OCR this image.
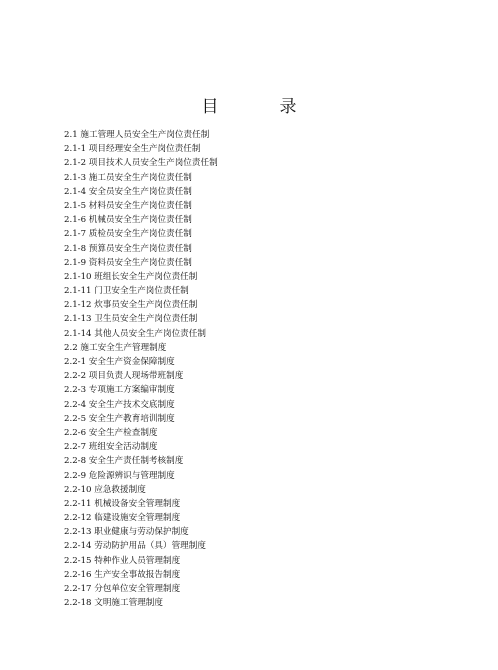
目　录
2.1 施工管理人员安全生产岗位责任制
2.1-1 项目经理安全生产岗位责任制
2.1-2 项目技术人员安全生产岗位责任制
2.1-3 施工员安全生产岗位责任制
2.1-4 安全员安全生产岗位责任制
2.1-5 材料员安全生产岗位责任制
2.1-6 机械员安全生产岗位责任制
2.1-7 质检员安全生产岗位责任制
2.1-8 预算员安全生产岗位责任制
2.1-9 资料员安全生产岗位责任制
2.1-10 班组长安全生产岗位责任制
2.1-11 门卫安全生产岗位责任制
2.1-12 炊事员安全生产岗位责任制
2.1-13 卫生员安全生产岗位责任制
2.1-14 其他人员安全生产岗位责任制
2.2 施工安全生产管理制度
2.2-1 安全生产资金保障制度
2.2-2 项目负责人现场带班制度
2.2-3 专项施工方案编审制度
2.2-4 安全生产技术交底制度
2.2-5 安全生产教育培训制度
2.2-6 安全生产检查制度
2.2-7 班组安全活动制度
2.2-8 安全生产责任制考核制度
2.2-9 危险源辨识与管理制度
2.2-10 应急救援制度
2.2-11 机械设备安全管理制度
2.2-12 临建设施安全管理制度
2.2-13 职业健康与劳动保护制度
2.2-14 劳动防护用品（具）管理制度
2.2-15 特种作业人员管理制度
2.2-16 生产安全事故报告制度
2.2-17 分包单位安全管理制度
2.2-18 文明施工管理制度
